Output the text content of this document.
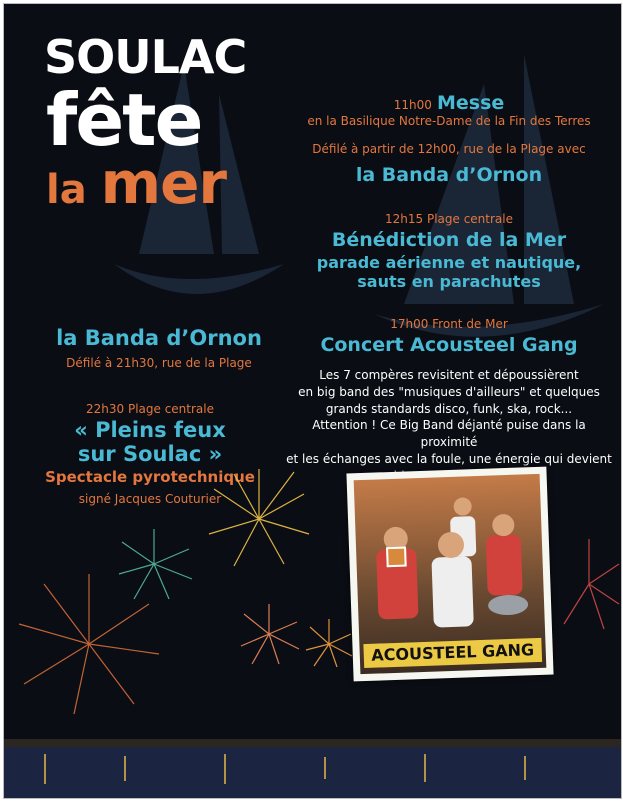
SOULAC
fête
la mer
11h00 Messe
en la Basilique Notre-Dame de la Fin des Terres
Défilé à partir de 12h00, rue de la Plage avec
la Banda d’Ornon
12h15 Plage centrale
Bénédiction de la Mer
parade aérienne et nautique,
sauts en parachutes
17h00 Front de Mer
Concert Acousteel Gang
Les 7 compères revisitent et dépoussièrent
en big band des "musiques d'ailleurs" et quelques
grands standards disco, funk, ska, rock...
Attention ! Ce Big Band déjanté puise dans la proximité
et les échanges avec la foule, une énergie qui devient
la Banda d’Ornon
Défilé à 21h30, rue de la Plage
22h30 Plage centrale
« Pleins feux
sur Soulac »
Spectacle pyrotechnique
signé Jacques Couturier
ACOUSTEEL GANG
